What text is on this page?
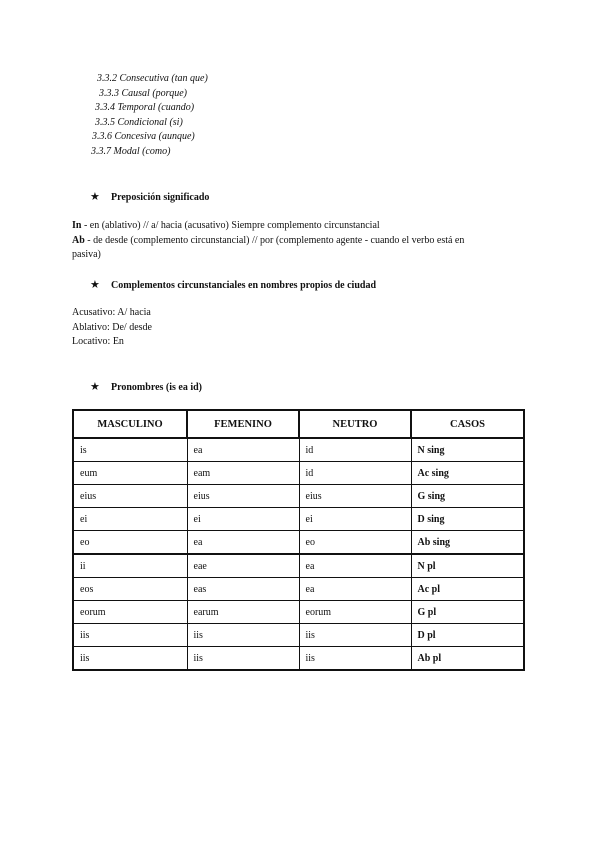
3.3.2 Consecutiva (tan que)
3.3.3 Causal (porque)
3.3.4 Temporal (cuando)
3.3.5 Condicional (si)
3.3.6 Concesiva (aunque)
3.3.7 Modal (como)
★ Preposición significado
In - en (ablativo) // a/ hacia (acusativo) Siempre complemento circunstancial
Ab - de desde (complemento circunstancial) // por (complemento agente - cuando el verbo está en
pasiva)
★ Complementos circunstanciales en nombres propios de ciudad
Acusativo: A/ hacia
Ablativo: De/ desde
Locativo: En
★ Pronombres (is ea id)
MASCULINO	FEMENINO	NEUTRO	CASOS
is	ea	id	N sing
eum	eam	id	Ac sing
eius	eius	eius	G sing
ei	ei	ei	D sing
eo	ea	eo	Ab sing
ii	eae	ea	N pl
eos	eas	ea	Ac pl
eorum	earum	eorum	G pl
iis	iis	iis	D pl
iis	iis	iis	Ab pl
